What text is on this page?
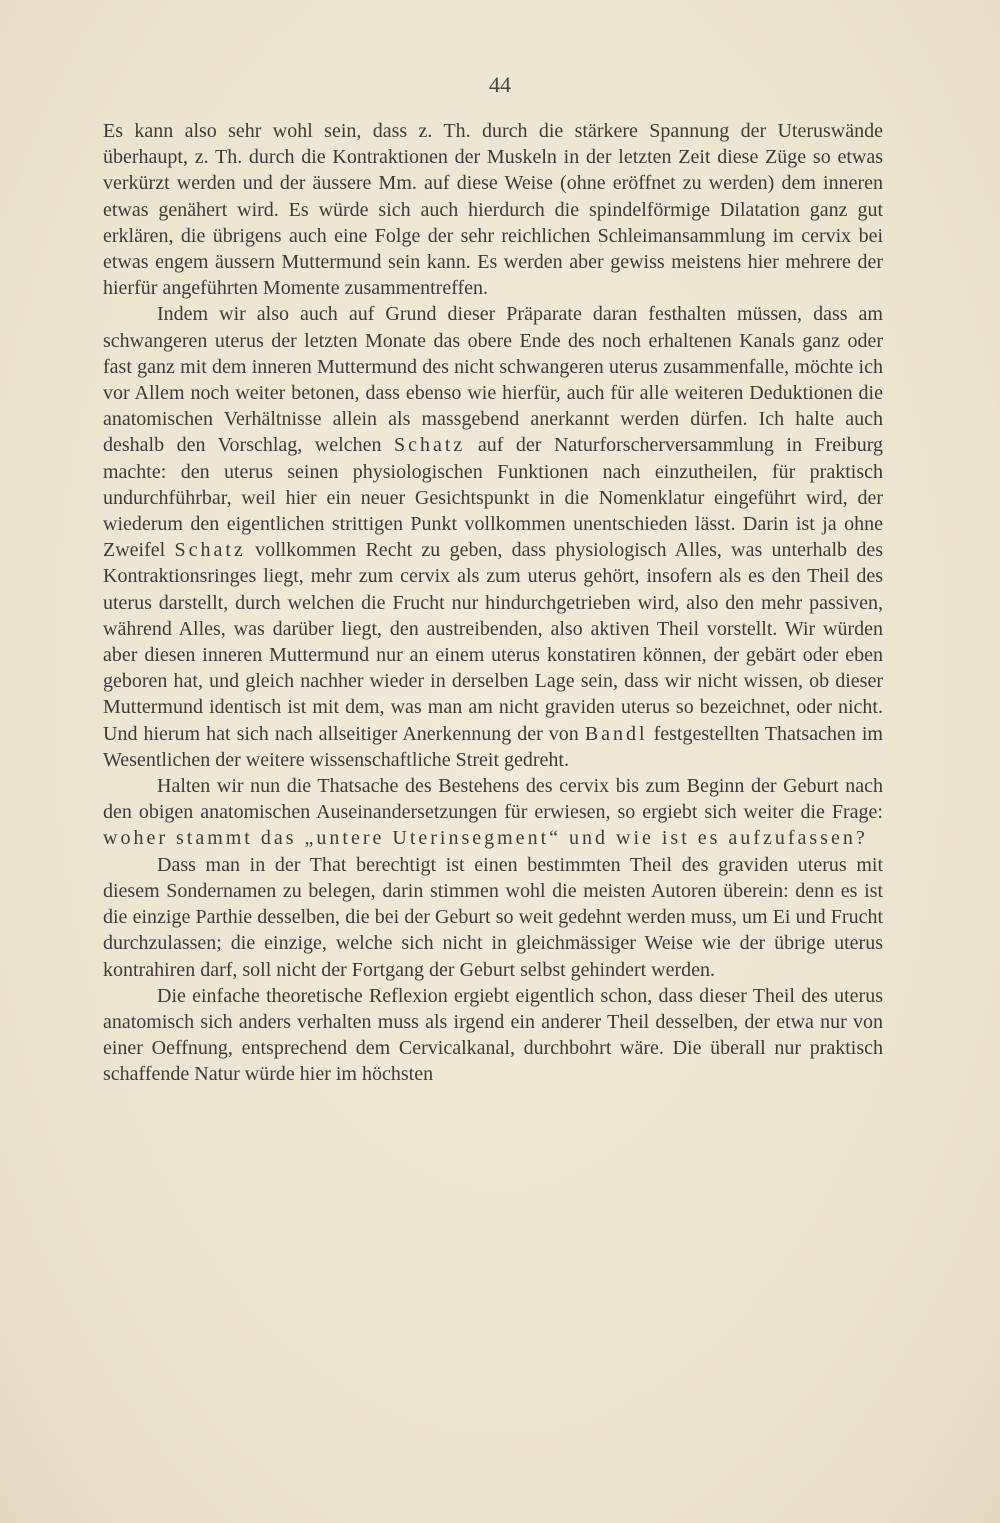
44

Es kann also sehr wohl sein, dass z. Th. durch die stärkere Spannung der Uteruswände überhaupt, z. Th. durch die Kontraktionen der Muskeln in der letzten Zeit diese Züge so etwas verkürzt werden und der äussere Mm. auf diese Weise (ohne eröffnet zu werden) dem inneren etwas genähert wird. Es würde sich auch hierdurch die spindelförmige Dilatation ganz gut erklären, die übrigens auch eine Folge der sehr reichlichen Schleimansammlung im cervix bei etwas engem äussern Muttermund sein kann. Es werden aber gewiss meistens hier mehrere der hierfür angeführten Momente zusammentreffen.

Indem wir also auch auf Grund dieser Präparate daran festhalten müssen, dass am schwangeren uterus der letzten Monate das obere Ende des noch erhaltenen Kanals ganz oder fast ganz mit dem inneren Muttermund des nicht schwangeren uterus zusammenfalle, möchte ich vor Allem noch weiter betonen, dass ebenso wie hierfür, auch für alle weiteren Deduktionen die anatomischen Verhältnisse allein als massgebend anerkannt werden dürfen. Ich halte auch deshalb den Vorschlag, welchen Schatz auf der Naturforscherversammlung in Freiburg machte: den uterus seinen physiologischen Funktionen nach einzutheilen, für praktisch undurchführbar, weil hier ein neuer Gesichtspunkt in die Nomenklatur eingeführt wird, der wiederum den eigentlichen strittigen Punkt vollkommen unentschieden lässt. Darin ist ja ohne Zweifel Schatz vollkommen Recht zu geben, dass physiologisch Alles, was unterhalb des Kontraktionsringes liegt, mehr zum cervix als zum uterus gehört, insofern als es den Theil des uterus darstellt, durch welchen die Frucht nur hindurchgetrieben wird, also den mehr passiven, während Alles, was darüber liegt, den austreibenden, also aktiven Theil vorstellt. Wir würden aber diesen inneren Muttermund nur an einem uterus konstatiren können, der gebärt oder eben geboren hat, und gleich nachher wieder in derselben Lage sein, dass wir nicht wissen, ob dieser Muttermund identisch ist mit dem, was man am nicht graviden uterus so bezeichnet, oder nicht. Und hierum hat sich nach allseitiger Anerkennung der von Bandl festgestellten Thatsachen im Wesentlichen der weitere wissenschaftliche Streit gedreht.

Halten wir nun die Thatsache des Bestehens des cervix bis zum Beginn der Geburt nach den obigen anatomischen Auseinandersetzungen für erwiesen, so ergiebt sich weiter die Frage: woher stammt das „untere Uterinsegment“ und wie ist es aufzufassen?

Dass man in der That berechtigt ist einen bestimmten Theil des graviden uterus mit diesem Sondernamen zu belegen, darin stimmen wohl die meisten Autoren überein: denn es ist die einzige Parthie desselben, die bei der Geburt so weit gedehnt werden muss, um Ei und Frucht durchzulassen; die einzige, welche sich nicht in gleichmässiger Weise wie der übrige uterus kontrahiren darf, soll nicht der Fortgang der Geburt selbst gehindert werden.

Die einfache theoretische Reflexion ergiebt eigentlich schon, dass dieser Theil des uterus anatomisch sich anders verhalten muss als irgend ein anderer Theil desselben, der etwa nur von einer Oeffnung, entsprechend dem Cervicalkanal, durchbohrt wäre. Die überall nur praktisch schaffende Natur würde hier im höchsten
